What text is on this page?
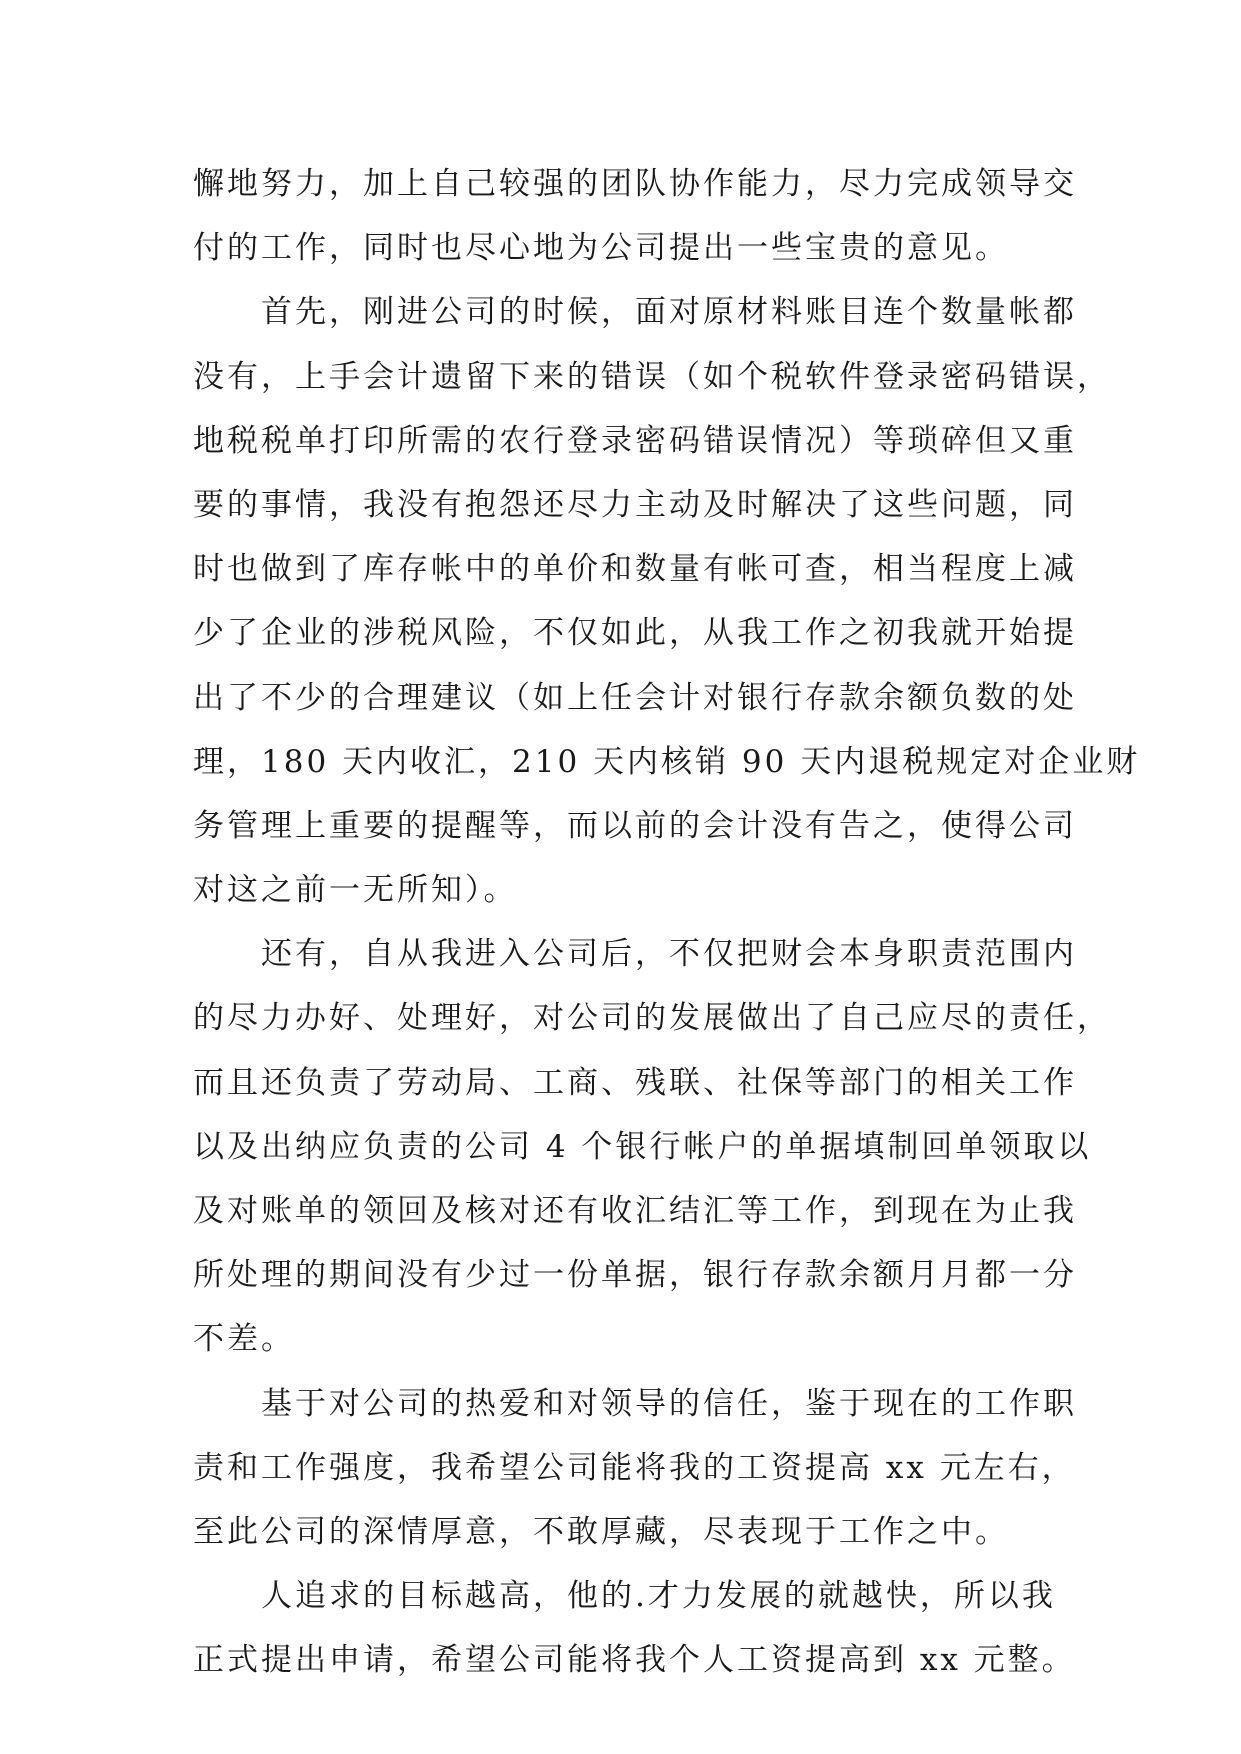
懈地努力，加上自己较强的团队协作能力，尽力完成领导交
付的工作，同时也尽心地为公司提出一些宝贵的意见。
　　首先，刚进公司的时候，面对原材料账目连个数量帐都
没有，上手会计遗留下来的错误（如个税软件登录密码错误，
地税税单打印所需的农行登录密码错误情况）等琐碎但又重
要的事情，我没有抱怨还尽力主动及时解决了这些问题，同
时也做到了库存帐中的单价和数量有帐可查，相当程度上减
少了企业的涉税风险，不仅如此，从我工作之初我就开始提
出了不少的合理建议（如上任会计对银行存款余额负数的处
理，180 天内收汇，210 天内核销 90 天内退税规定对企业财
务管理上重要的提醒等，而以前的会计没有告之，使得公司
对这之前一无所知）。
　　还有，自从我进入公司后，不仅把财会本身职责范围内
的尽力办好、处理好，对公司的发展做出了自己应尽的责任，
而且还负责了劳动局、工商、残联、社保等部门的相关工作
以及出纳应负责的公司 4 个银行帐户的单据填制回单领取以
及对账单的领回及核对还有收汇结汇等工作，到现在为止我
所处理的期间没有少过一份单据，银行存款余额月月都一分
不差。
　　基于对公司的热爱和对领导的信任，鉴于现在的工作职
责和工作强度，我希望公司能将我的工资提高 xx 元左右，
至此公司的深情厚意，不敢厚藏，尽表现于工作之中。
　　人追求的目标越高，他的.才力发展的就越快，所以我
正式提出申请，希望公司能将我个人工资提高到 xx 元整。
